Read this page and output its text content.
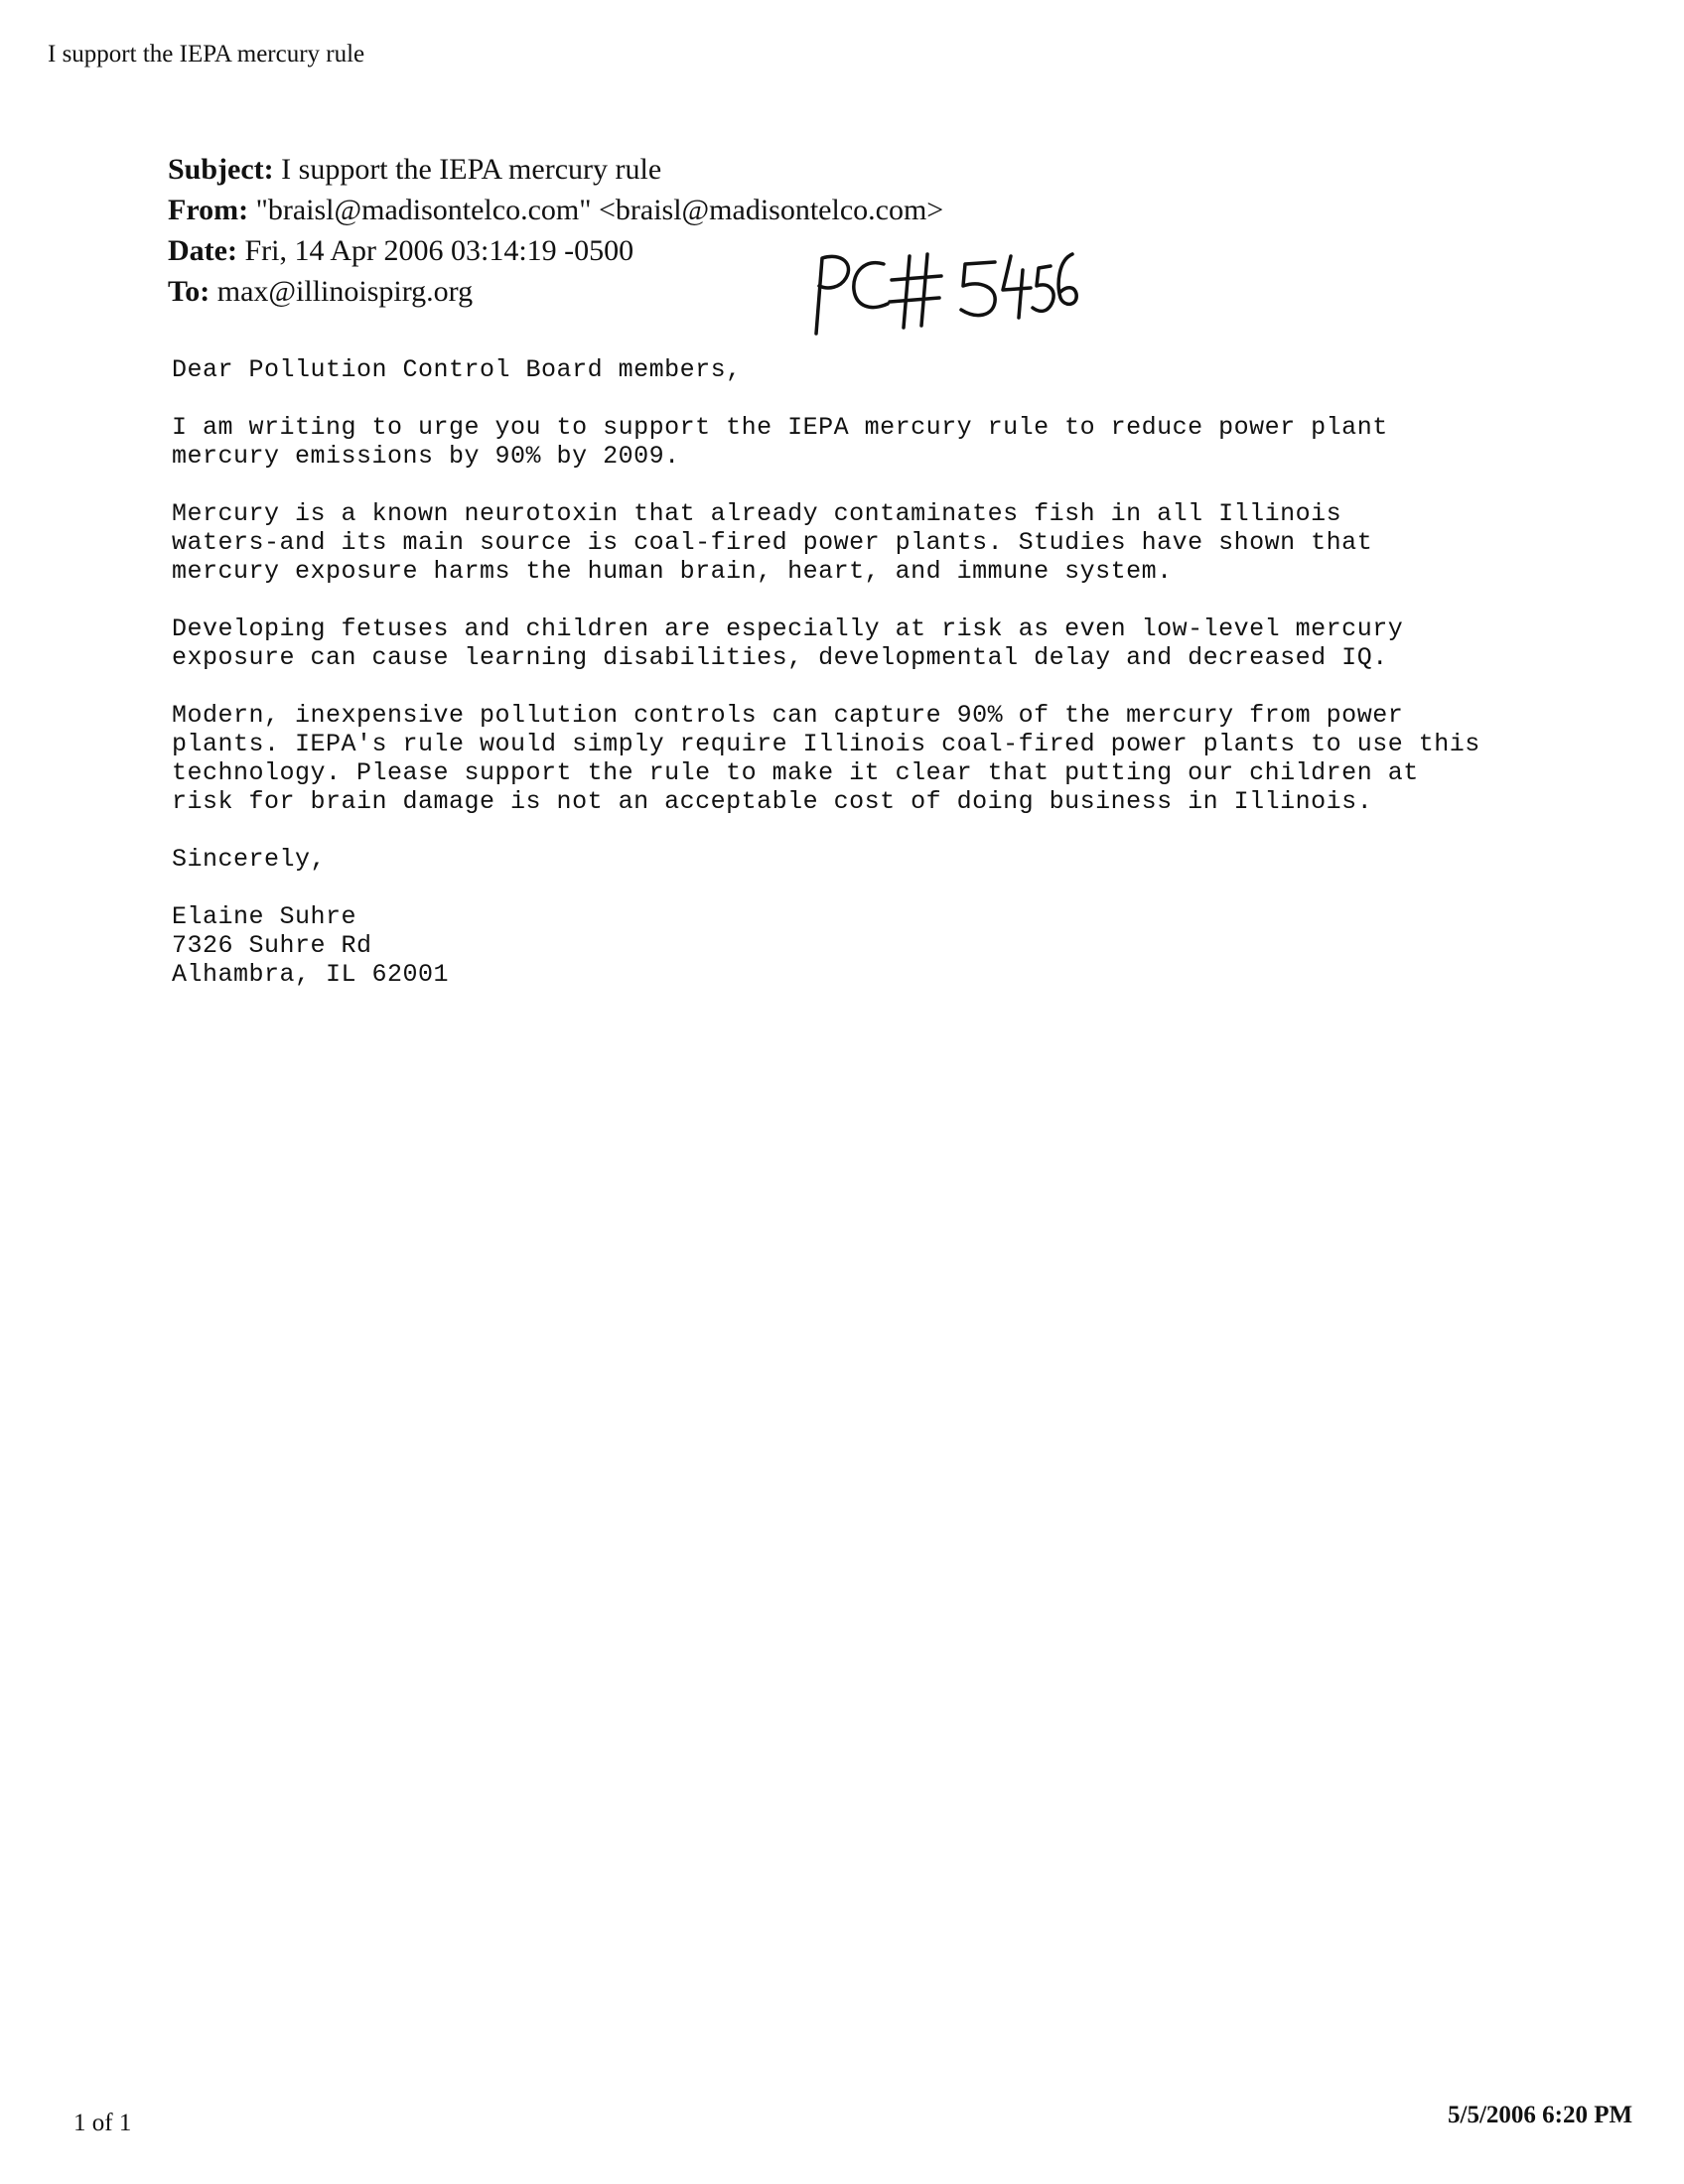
I support the IEPA mercury rule
Subject: I support the IEPA mercury rule
From: "braisl@madisontelco.com" <braisl@madisontelco.com>
Date: Fri, 14 Apr 2006 03:14:19 -0500
To: max@illinoispirg.org

Dear Pollution Control Board members,

I am writing to urge you to support the IEPA mercury rule to reduce power plant
mercury emissions by 90% by 2009.

Mercury is a known neurotoxin that already contaminates fish in all Illinois
waters-and its main source is coal-fired power plants. Studies have shown that
mercury exposure harms the human brain, heart, and immune system.

Developing fetuses and children are especially at risk as even low-level mercury
exposure can cause learning disabilities, developmental delay and decreased IQ.

Modern, inexpensive pollution controls can capture 90% of the mercury from power
plants. IEPA's rule would simply require Illinois coal-fired power plants to use this
technology. Please support the rule to make it clear that putting our children at
risk for brain damage is not an acceptable cost of doing business in Illinois.

Sincerely,

Elaine Suhre
7326 Suhre Rd
Alhambra, IL 62001
1 of 1	5/5/2006 6:20 PM
